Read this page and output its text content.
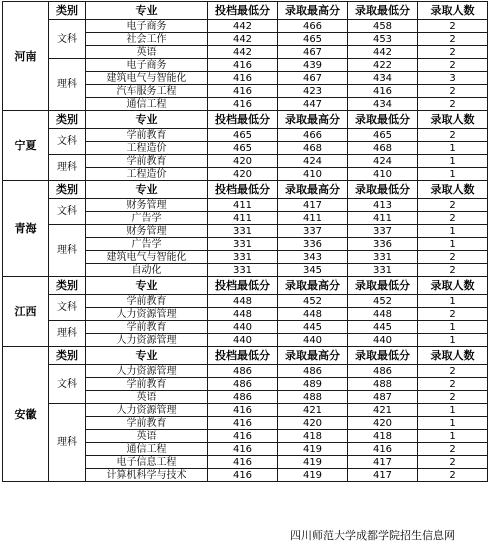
河南	类别	专业	投档最低分	录取最高分	录取最低分	录取人数
	文科	电子商务	442	466	458	2
		社会工作	442	465	453	2
		英语	442	467	442	2
	理科	电子商务	416	439	422	2
		建筑电气与智能化	416	467	434	3
		汽车服务工程	416	423	416	2
		通信工程	416	447	434	2
宁夏	类别	专业	投档最低分	录取最高分	录取最低分	录取人数
	文科	学前教育	465	466	465	2
		工程造价	465	468	468	1
	理科	学前教育	420	424	424	1
		工程造价	420	410	410	1
青海	类别	专业	投档最低分	录取最高分	录取最低分	录取人数
	文科	财务管理	411	417	413	2
		广告学	411	411	411	2
	理科	财务管理	331	337	337	1
		广告学	331	336	336	1
		建筑电气与智能化	331	343	331	2
		自动化	331	345	331	2
江西	类别	专业	投档最低分	录取最高分	录取最低分	录取人数
	文科	学前教育	448	452	452	1
		人力资源管理	448	448	448	2
	理科	学前教育	440	445	445	1
		人力资源管理	440	440	440	1
安徽	类别	专业	投档最低分	录取最高分	录取最低分	录取人数
	文科	人力资源管理	486	486	486	2
		学前教育	486	489	488	2
		英语	486	488	487	2
	理科	人力资源管理	416	421	421	1
		学前教育	416	420	420	1
		英语	416	418	418	1
		通信工程	416	419	416	2
		电子信息工程	416	419	417	2
		计算机科学与技术	416	419	417	2
四川师范大学成都学院招生信息网
